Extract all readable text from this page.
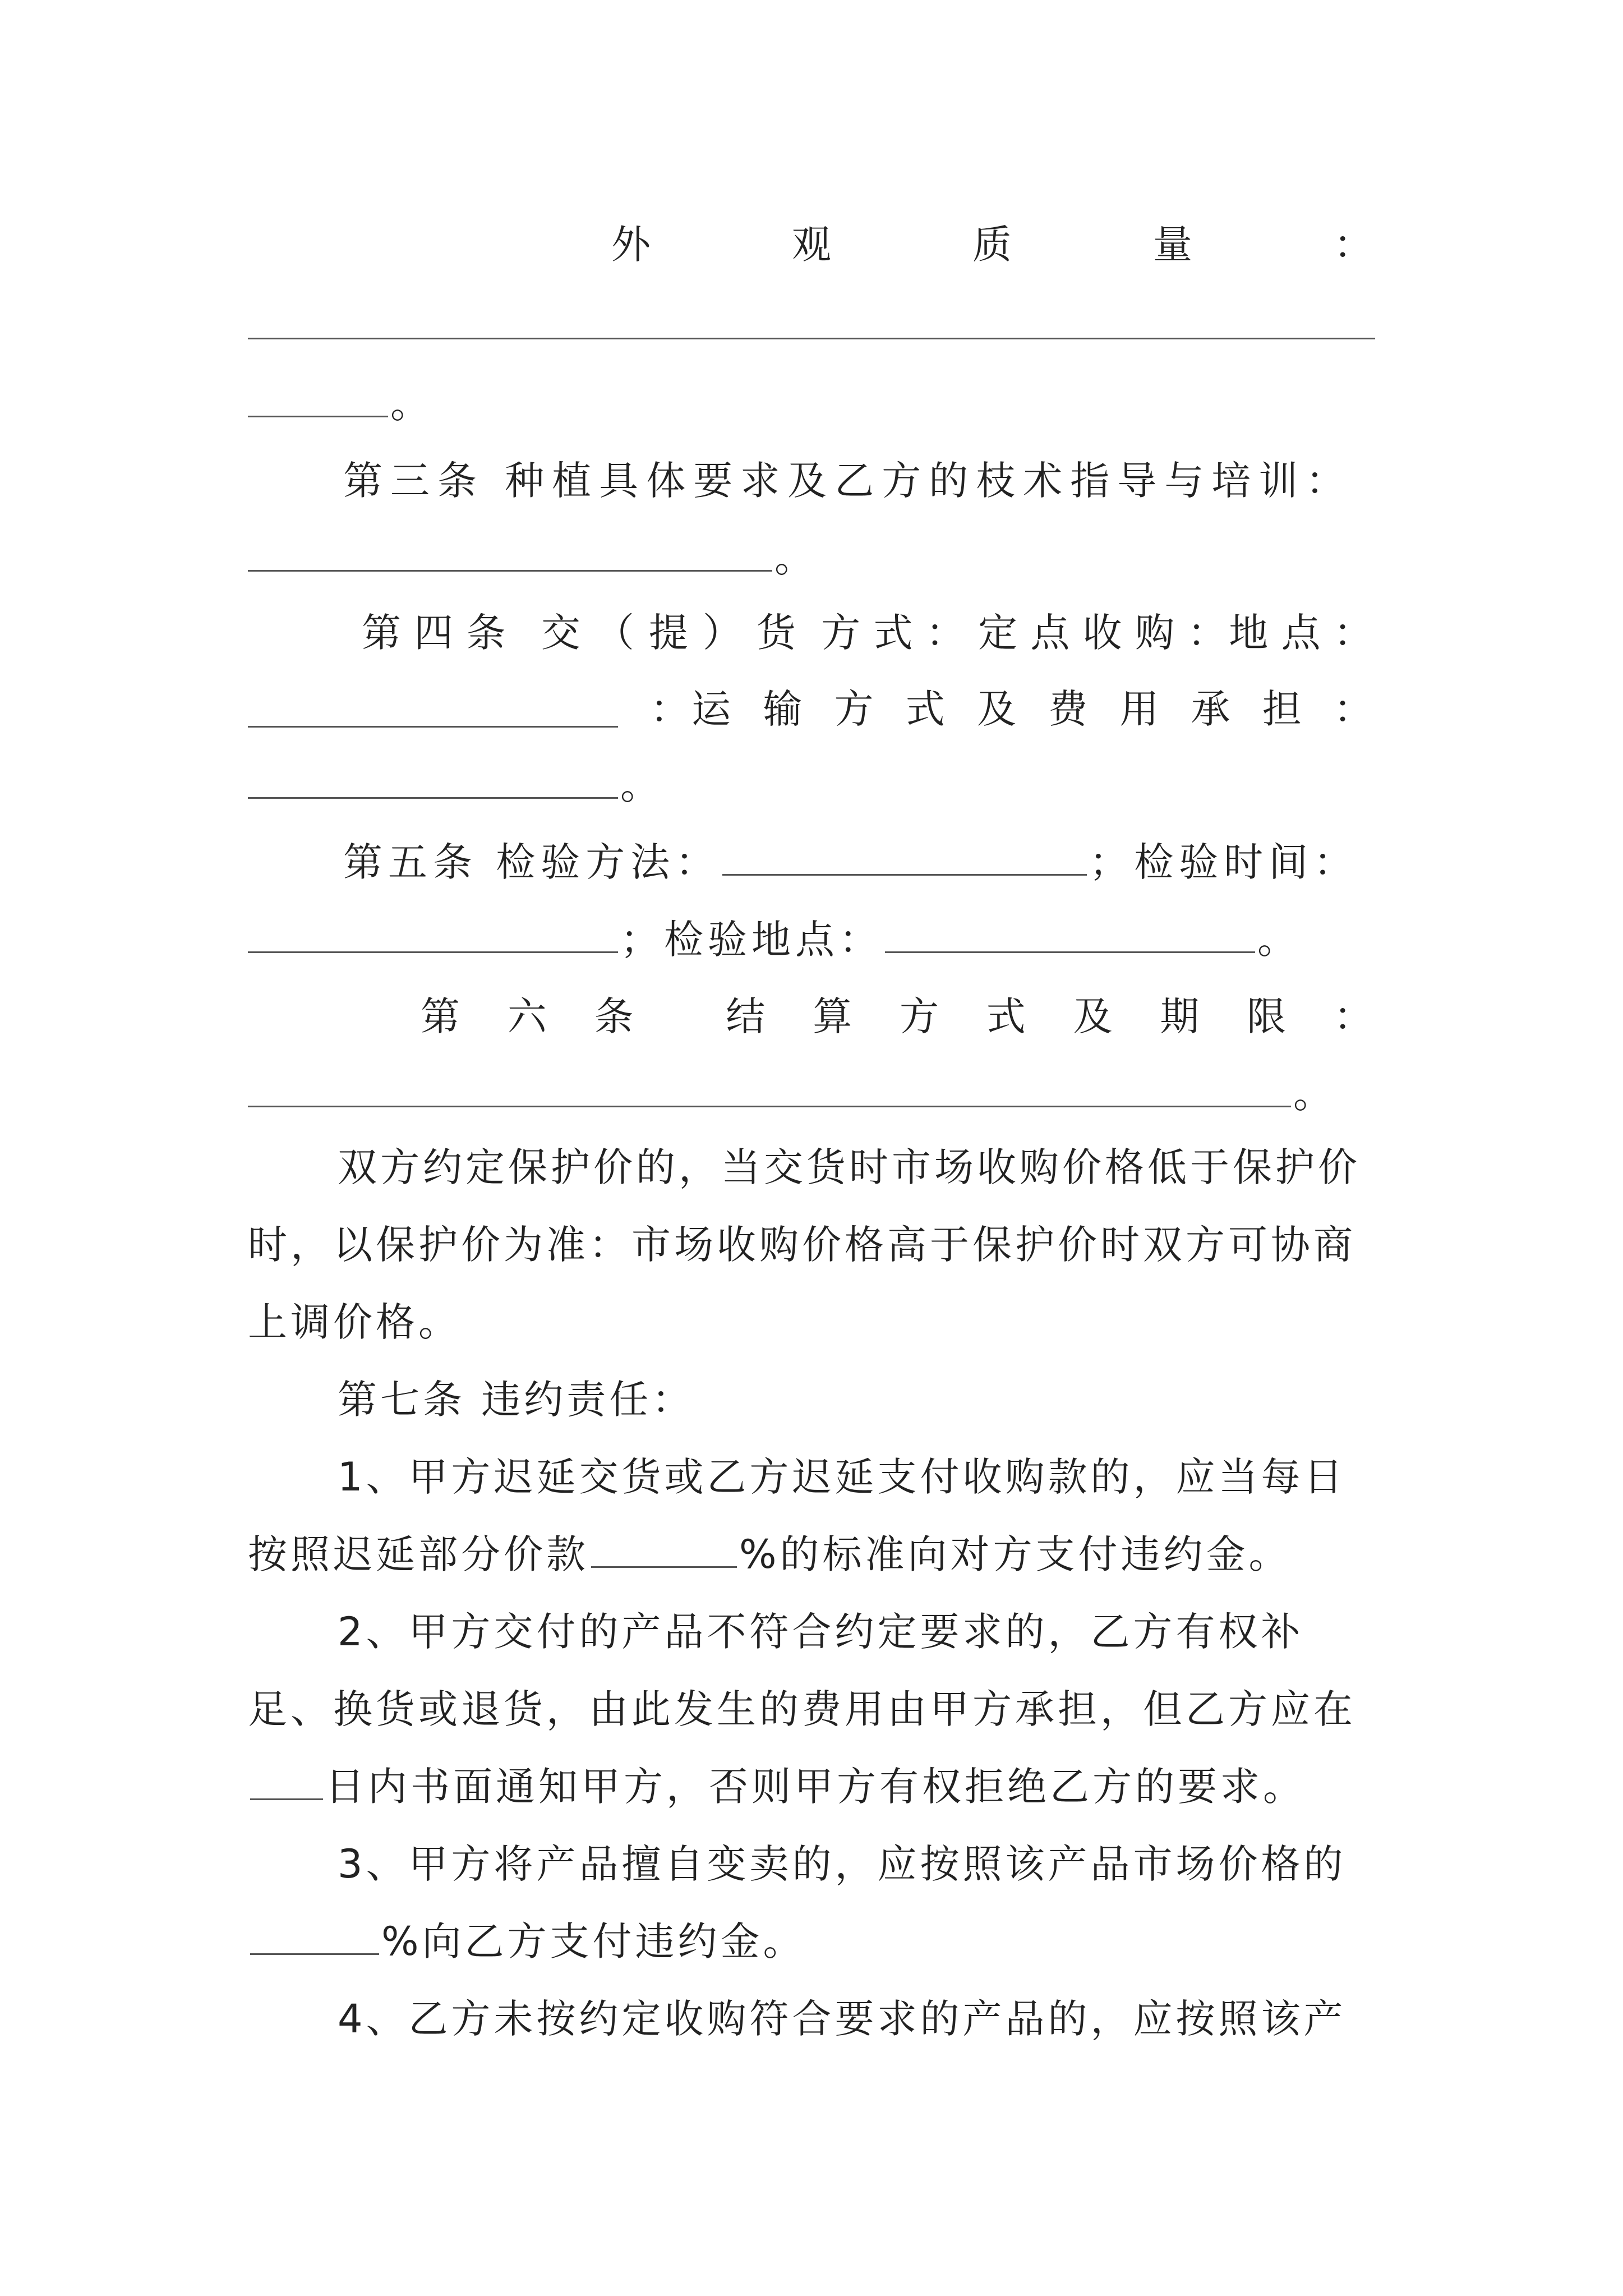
外	观	质	量	：
。
第三条 种植具体要求及乙方的枝术指导与培训：
。
第 四 条 交（提）货 方 式 ： 定 点 收 购 ：地 点 ：
：运 输 方 式 及 费 用 承 担 ：
。
第五条 检验方法：	；检验时间：
；检验地点：	。
第 六 条 结 算 方 式 及 期 限 ：
。
双方约定保护价的，当交货时市场收购价格低于保护价时，以保护价为准：市场收购价格高于保护价时双方可协商上调价格。
第七条 违约责任：
1、甲方迟延交货或乙方迟延支付收购款的，应当每日按照迟延部分价款	%的标准向对方支付违约金。
2、甲方交付的产品不符合约定要求的，乙方有权补足、换货或退货，由此发生的费用由甲方承担，但乙方应在日内书面通知甲方，否则甲方有权拒绝乙方的要求。
3、甲方将产品擅自变卖的，应按照该产品市场价格的%向乙方支付违约金。
4、乙方未按约定收购符合要求的产品的，应按照该产
